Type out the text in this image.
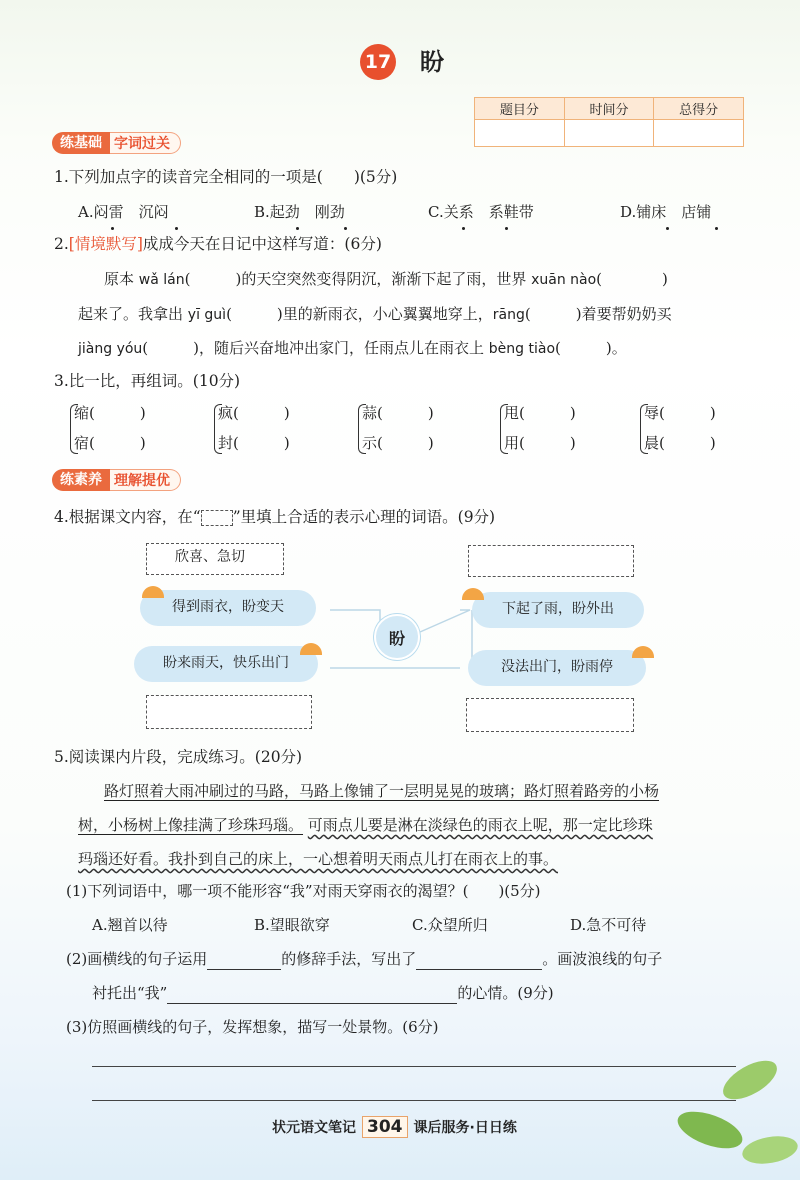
17 盼
题目分	时间分	总得分

练基础 字词过关
1.下列加点字的读音完全相同的一项是(　　)(5分)
A.闷雷　沉闷	B.起劲　刚劲	C.关系　系鞋带	D.铺床　店铺
2.[情境默写]成成今天在日记中这样写道：(6分)
原本 wǎ lán(　　　)的天空突然变得阴沉，渐渐下起了雨，世界 xuān nào(　　　　)
起来了。我拿出 yī guì(　　　)里的新雨衣，小心翼翼地穿上，rāng(　　　)着要帮奶奶买
jiàng yóu(　　　)，随后兴奋地冲出家门，任雨点儿在雨衣上 bèng tiào(　　　)。
3.比一比，再组词。(10分)
缩(　　　)
宿(　　　)
疯(　　　)
封(　　　)
蒜(　　　)
示(　　　)
甩(　　　)
用(　　　)
辱(　　　)
晨(　　　)
练素养 理解提优
4.根据课文内容，在“ ”里填上合适的表示心理的词语。(9分)
欣喜、急切
得到雨衣，盼变天
盼来雨天，快乐出门
下起了雨，盼外出
没法出门，盼雨停
盼
5.阅读课内片段，完成练习。(20分)
路灯照着大雨冲刷过的马路，马路上像铺了一层明晃晃的玻璃；路灯照着路旁的小杨
树，小杨树上像挂满了珍珠玛瑙。 可雨点儿要是淋在淡绿色的雨衣上呢，那一定比珍珠
玛瑙还好看。我扑到自己的床上，一心想着明天雨点儿打在雨衣上的事。
(1)下列词语中，哪一项不能形容“我”对雨天穿雨衣的渴望？(　　)(5分)
A.翘首以待	B.望眼欲穿	C.众望所归	D.急不可待
(2)画横线的句子运用	的修辞手法，写出了	。画波浪线的句子
衬托出“我”	的心情。(9分)
(3)仿照画横线的句子，发挥想象，描写一处景物。(6分)
状元语文笔记 304 课后服务·日日练
